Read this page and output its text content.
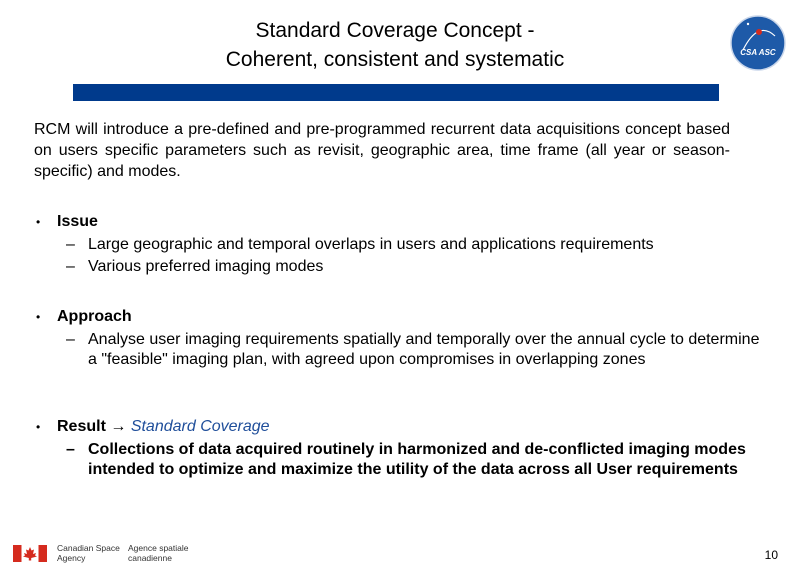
Standard Coverage Concept -
Coherent, consistent and systematic	CSA ASC
RCM will introduce a pre-defined and pre-programmed recurrent data acquisitions concept based on users specific parameters such as revisit, geographic area, time frame (all year or season-specific) and modes.
•	Issue
– Large geographic and temporal overlaps in users and applications requirements
– Various preferred imaging modes
•	Approach
– Analyse user imaging requirements spatially and temporally over the annual cycle to determine a "feasible" imaging plan, with agreed upon compromises in overlapping zones
•	Result
→
Standard Coverage
– Collections of data acquired routinely in harmonized and de-conflicted imaging modes intended to optimize and maximize the utility of the data across all User requirements
Canadian Space
Agency
Agence spatiale
canadienne	10
